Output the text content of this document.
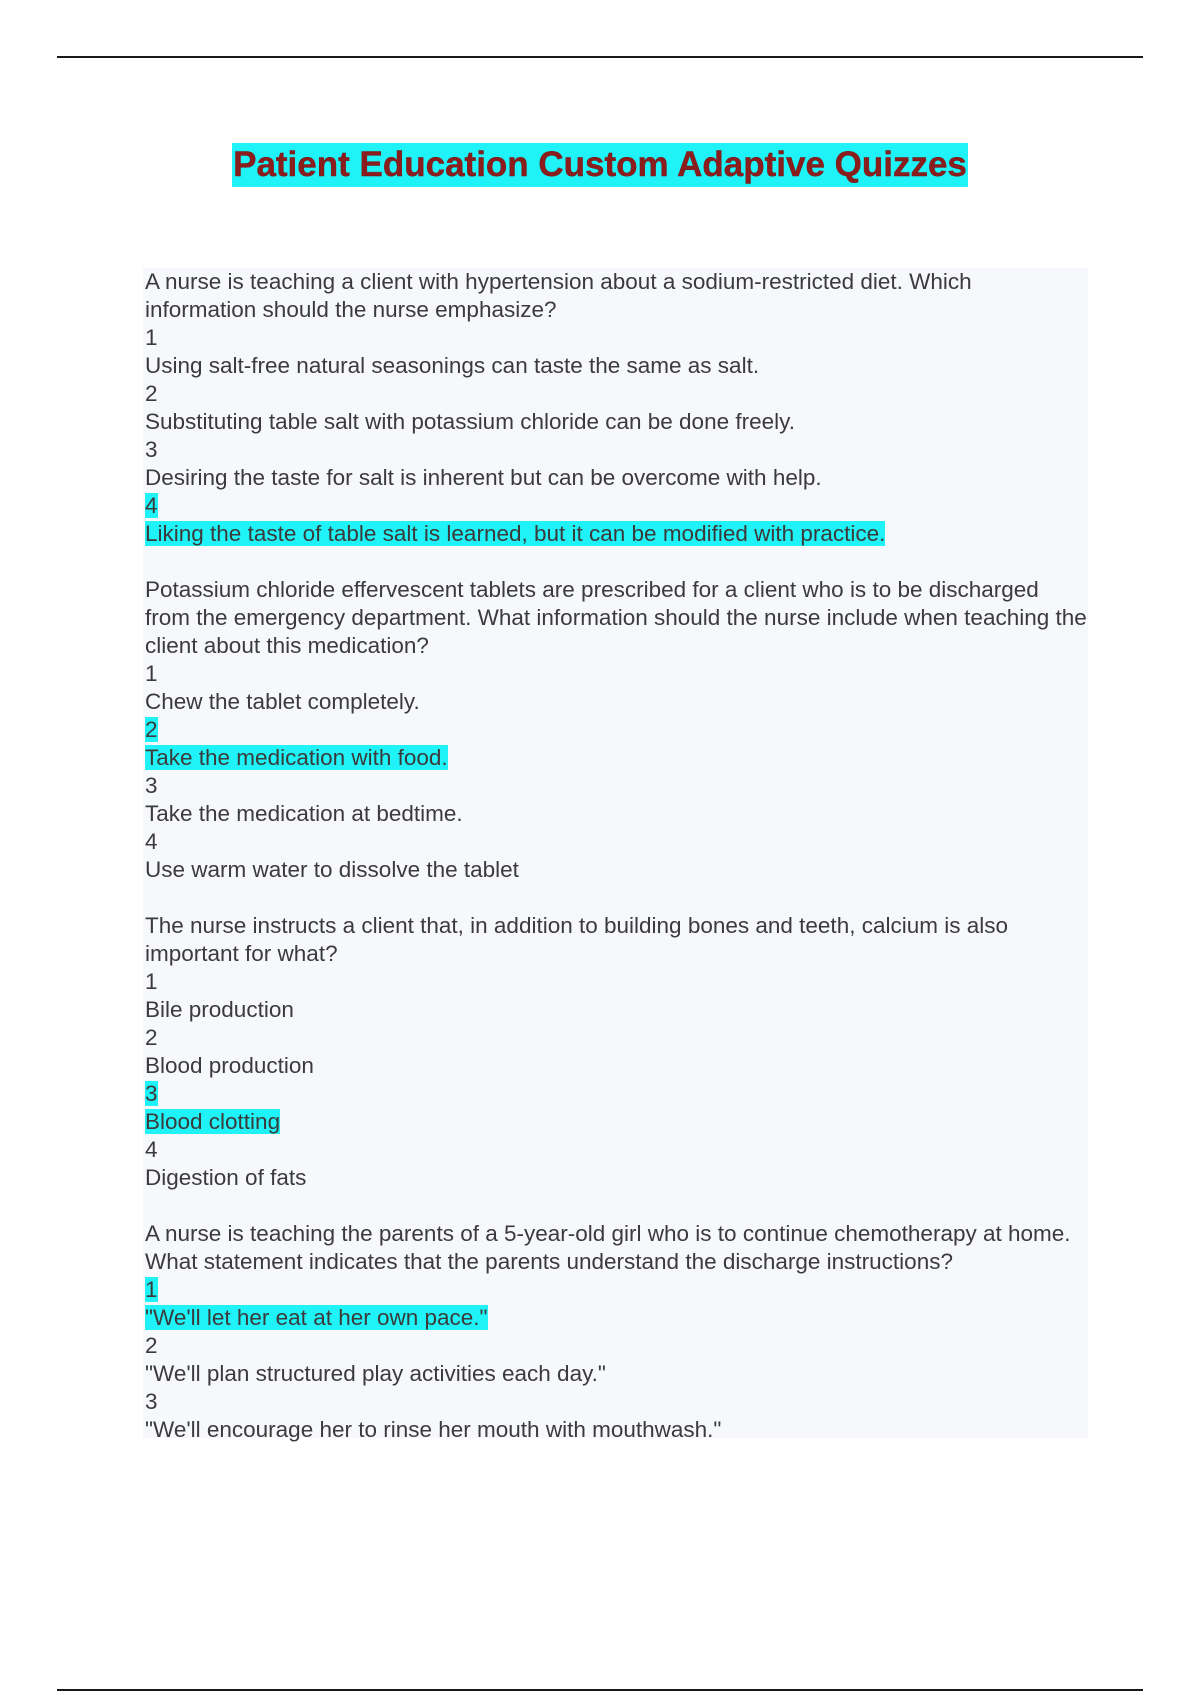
Patient Education Custom Adaptive Quizzes

A nurse is teaching a client with hypertension about a sodium-restricted diet. Which information should the nurse emphasize?

1
Using salt-free natural seasonings can taste the same as salt.
2
Substituting table salt with potassium chloride can be done freely.
3
Desiring the taste for salt is inherent but can be overcome with help.
4
Liking the taste of table salt is learned, but it can be modified with practice.

Potassium chloride effervescent tablets are prescribed for a client who is to be discharged from the emergency department. What information should the nurse include when teaching the client about this medication?

1
Chew the tablet completely.
2
Take the medication with food.
3
Take the medication at bedtime.
4
Use warm water to dissolve the tablet

The nurse instructs a client that, in addition to building bones and teeth, calcium is also important for what?

1
Bile production
2
Blood production
3
Blood clotting
4
Digestion of fats

A nurse is teaching the parents of a 5-year-old girl who is to continue chemotherapy at home. What statement indicates that the parents understand the discharge instructions?

1
"We'll let her eat at her own pace."
2
"We'll plan structured play activities each day."
3
"We'll encourage her to rinse her mouth with mouthwash."
